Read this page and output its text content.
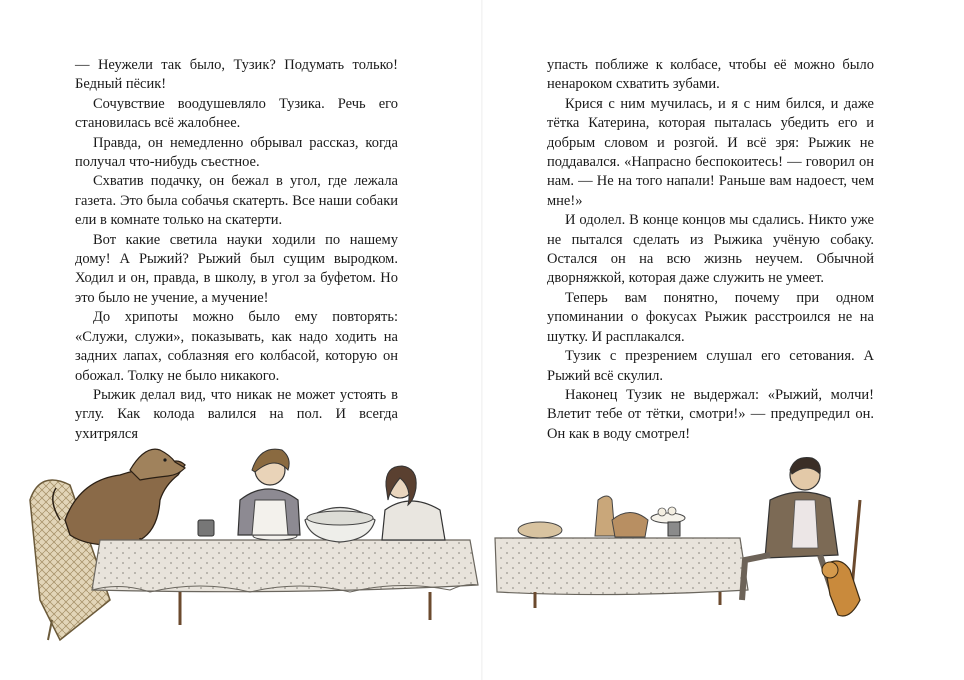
— Неужели так было, Тузик? Подумать только! Бедный пёсик!

Сочувствие воодушевляло Тузика. Речь его становилась всё жалобнее.

Правда, он немедленно обрывал рассказ, когда получал что-нибудь съестное.

Схватив подачку, он бежал в угол, где лежала газета. Это была собачья скатерть. Все наши собаки ели в комнате только на скатерти.

Вот какие светила науки ходили по нашему дому! А Рыжий? Рыжий был сущим выродком. Ходил и он, правда, в школу, в угол за буфетом. Но это было не учение, а мучение!

До хрипоты можно было ему повторять: «Служи, служи», показывать, как надо ходить на задних лапах, соблазняя его колбасой, которую он обожал. Толку не было никакого.

Рыжик делал вид, что никак не может устоять в углу. Как колода валился на пол. И всегда ухитрялся

упасть поближе к колбасе, чтобы её можно было ненароком схватить зубами.

Крися с ним мучилась, и я с ним бился, и даже тётка Катерина, которая пыталась убедить его и добрым словом и розгой. И всё зря: Рыжик не поддавался. «Напрасно беспокоитесь! — говорил он нам. — Не на того напали! Раньше вам надоест, чем мне!»

И одолел. В конце концов мы сдались. Никто уже не пытался сделать из Рыжика учёную собаку. Остался он на всю жизнь неучем. Обычной дворняжкой, которая даже служить не умеет.

Теперь вам понятно, почему при одном упоминании о фокусах Рыжик расстроился не на шутку. И расплакался.

Тузик с презрением слушал его сетования. А Рыжий всё скулил.

Наконец Тузик не выдержал: «Рыжий, молчи! Влетит тебе от тётки, смотри!» — предупредил он. Он как в воду смотрел!
